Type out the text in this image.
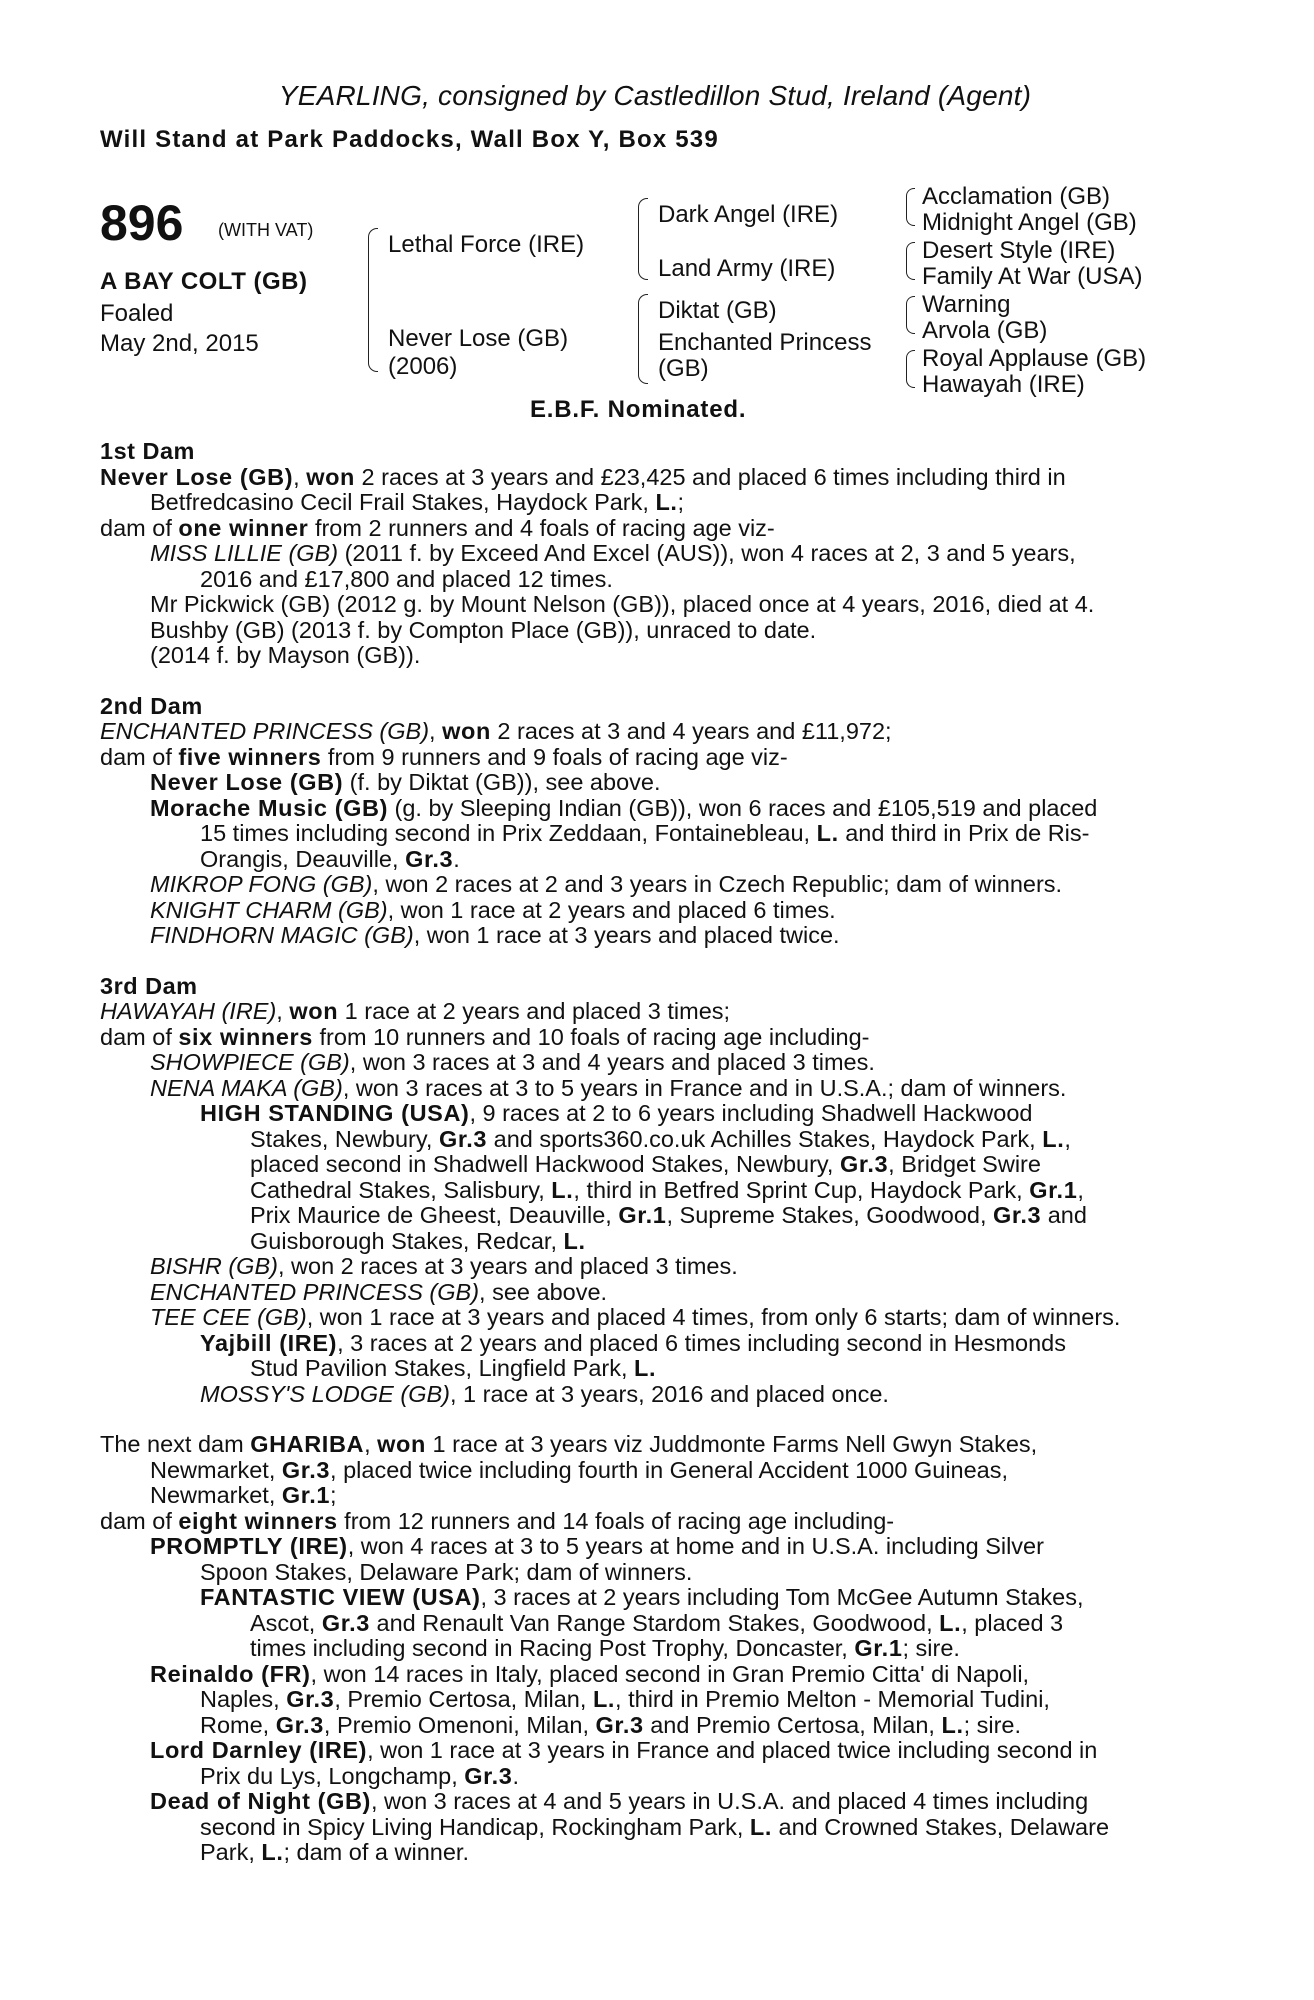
YEARLING, consigned by Castledillon Stud, Ireland (Agent)
Will Stand at Park Paddocks, Wall Box Y, Box 539
896 (WITH VAT)
A BAY COLT (GB)
Foaled
May 2nd, 2015
Lethal Force (IRE)
Never Lose (GB)
(2006)
Dark Angel (IRE)
Land Army (IRE)
Diktat (GB)
Enchanted Princess
(GB)
Acclamation (GB)
Midnight Angel (GB)
Desert Style (IRE)
Family At War (USA)
Warning
Arvola (GB)
Royal Applause (GB)
Hawayah (IRE)
E.B.F. Nominated.
1st Dam
Never Lose (GB), won 2 races at 3 years and £23,425 and placed 6 times including third in
Betfredcasino Cecil Frail Stakes, Haydock Park, L.;
dam of one winner from 2 runners and 4 foals of racing age viz-
MISS LILLIE (GB) (2011 f. by Exceed And Excel (AUS)), won 4 races at 2, 3 and 5 years,
2016 and £17,800 and placed 12 times.
Mr Pickwick (GB) (2012 g. by Mount Nelson (GB)), placed once at 4 years, 2016, died at 4.
Bushby (GB) (2013 f. by Compton Place (GB)), unraced to date.
(2014 f. by Mayson (GB)).
2nd Dam
ENCHANTED PRINCESS (GB), won 2 races at 3 and 4 years and £11,972;
dam of five winners from 9 runners and 9 foals of racing age viz-
Never Lose (GB) (f. by Diktat (GB)), see above.
Morache Music (GB) (g. by Sleeping Indian (GB)), won 6 races and £105,519 and placed
15 times including second in Prix Zeddaan, Fontainebleau, L. and third in Prix de Ris-
Orangis, Deauville, Gr.3.
MIKROP FONG (GB), won 2 races at 2 and 3 years in Czech Republic; dam of winners.
KNIGHT CHARM (GB), won 1 race at 2 years and placed 6 times.
FINDHORN MAGIC (GB), won 1 race at 3 years and placed twice.
3rd Dam
HAWAYAH (IRE), won 1 race at 2 years and placed 3 times;
dam of six winners from 10 runners and 10 foals of racing age including-
SHOWPIECE (GB), won 3 races at 3 and 4 years and placed 3 times.
NENA MAKA (GB), won 3 races at 3 to 5 years in France and in U.S.A.; dam of winners.
HIGH STANDING (USA), 9 races at 2 to 6 years including Shadwell Hackwood
Stakes, Newbury, Gr.3 and sports360.co.uk Achilles Stakes, Haydock Park, L.,
placed second in Shadwell Hackwood Stakes, Newbury, Gr.3, Bridget Swire
Cathedral Stakes, Salisbury, L., third in Betfred Sprint Cup, Haydock Park, Gr.1,
Prix Maurice de Gheest, Deauville, Gr.1, Supreme Stakes, Goodwood, Gr.3 and
Guisborough Stakes, Redcar, L.
BISHR (GB), won 2 races at 3 years and placed 3 times.
ENCHANTED PRINCESS (GB), see above.
TEE CEE (GB), won 1 race at 3 years and placed 4 times, from only 6 starts; dam of winners.
Yajbill (IRE), 3 races at 2 years and placed 6 times including second in Hesmonds
Stud Pavilion Stakes, Lingfield Park, L.
MOSSY'S LODGE (GB), 1 race at 3 years, 2016 and placed once.
The next dam GHARIBA, won 1 race at 3 years viz Juddmonte Farms Nell Gwyn Stakes,
Newmarket, Gr.3, placed twice including fourth in General Accident 1000 Guineas,
Newmarket, Gr.1;
dam of eight winners from 12 runners and 14 foals of racing age including-
PROMPTLY (IRE), won 4 races at 3 to 5 years at home and in U.S.A. including Silver
Spoon Stakes, Delaware Park; dam of winners.
FANTASTIC VIEW (USA), 3 races at 2 years including Tom McGee Autumn Stakes,
Ascot, Gr.3 and Renault Van Range Stardom Stakes, Goodwood, L., placed 3
times including second in Racing Post Trophy, Doncaster, Gr.1; sire.
Reinaldo (FR), won 14 races in Italy, placed second in Gran Premio Citta' di Napoli,
Naples, Gr.3, Premio Certosa, Milan, L., third in Premio Melton - Memorial Tudini,
Rome, Gr.3, Premio Omenoni, Milan, Gr.3 and Premio Certosa, Milan, L.; sire.
Lord Darnley (IRE), won 1 race at 3 years in France and placed twice including second in
Prix du Lys, Longchamp, Gr.3.
Dead of Night (GB), won 3 races at 4 and 5 years in U.S.A. and placed 4 times including
second in Spicy Living Handicap, Rockingham Park, L. and Crowned Stakes, Delaware
Park, L.; dam of a winner.
